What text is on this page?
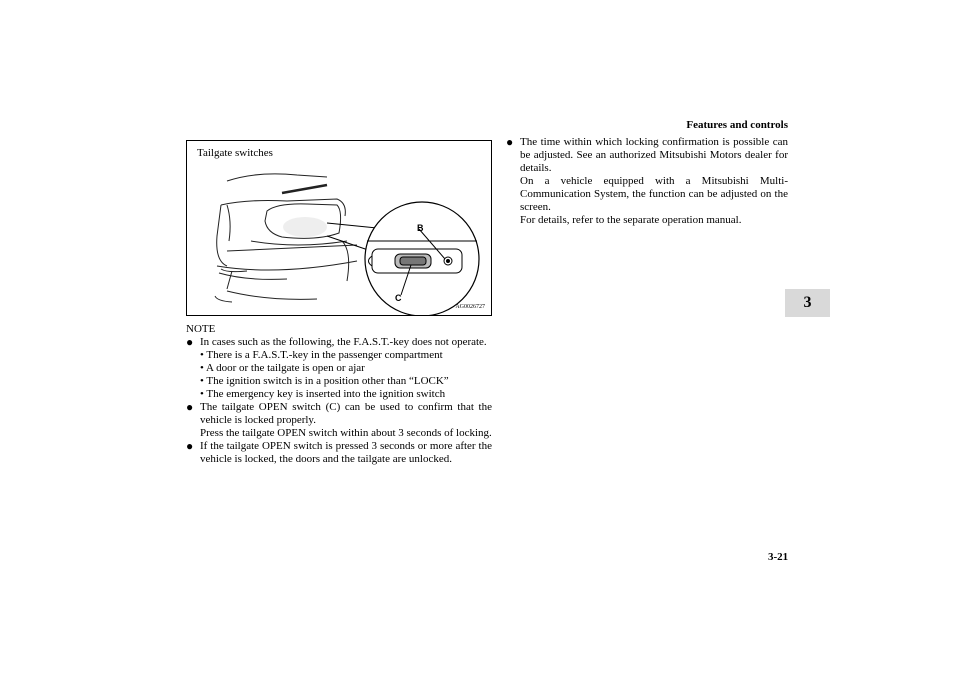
Features and controls
3
3-21
Tailgate switches
B
C
AG0026727
NOTE
● In cases such as the following, the F.A.S.T.-key does not operate.
• There is a F.A.S.T.-key in the passenger compartment
• A door or the tailgate is open or ajar
• The ignition switch is in a position other than “LOCK”
• The emergency key is inserted into the ignition switch
● The tailgate OPEN switch (C) can be used to confirm that the vehicle is locked properly.
Press the tailgate OPEN switch within about 3 seconds of locking.
● If the tailgate OPEN switch is pressed 3 seconds or more after the vehicle is locked, the doors and the tailgate are unlocked.
● The time within which locking confirmation is possible can be adjusted. See an authorized Mitsubishi Motors dealer for details.
On a vehicle equipped with a Mitsubishi Multi-Communication System, the function can be adjusted on the screen.
For details, refer to the separate operation manual.
